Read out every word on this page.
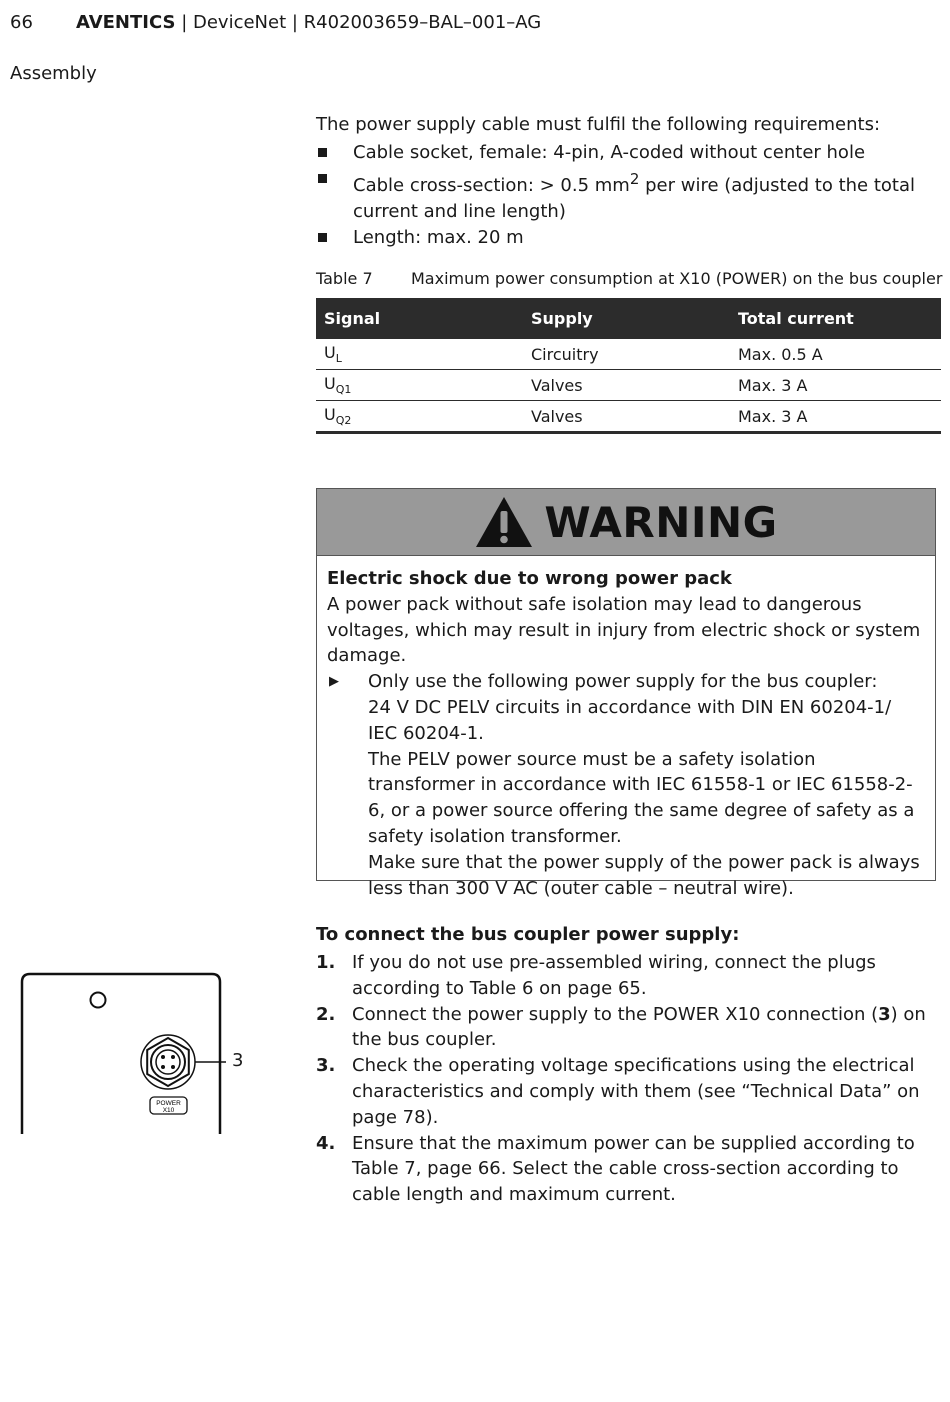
66 AVENTICS | DeviceNet | R402003659–BAL–001–AG
Assembly
The power supply cable must fulfil the following requirements:
Cable socket, female: 4-pin, A-coded without center hole
Cable cross-section: > 0.5 $mm^2$ per wire (adjusted to the total current and line length)
Length: max. 20 m
Table 7 Maximum power consumption at X10 (POWER) on the bus coupler
Signal	Supply	Total current
$U_L$	Circuitry	Max. 0.5 A
$U_{Q1}$	Valves	Max. 3 A
$U_{Q2}$	Valves	Max. 3 A
WARNING
Electric shock due to wrong power pack
A power pack without safe isolation may lead to dangerous voltages, which may result in injury from electric shock or system damage.
▶ Only use the following power supply for the bus coupler:
24 V DC PELV circuits in accordance with DIN EN 60204-1/
IEC 60204-1.
The PELV power source must be a safety isolation transformer in accordance with IEC 61558-1 or IEC 61558-2-6, or a power source offering the same degree of safety as a safety isolation transformer.
Make sure that the power supply of the power pack is always less than 300 V AC (outer cable – neutral wire).
To connect the bus coupler power supply:
1. If you do not use pre-assembled wiring, connect the plugs according to Table 6 on page 65.
2. Connect the power supply to the POWER X10 connection (3) on the bus coupler.
3. Check the operating voltage specifications using the electrical characteristics and comply with them (see “Technical Data” on page 78).
4. Ensure that the maximum power can be supplied according to Table 7, page 66. Select the cable cross-section according to cable length and maximum current.
POWER
X10
3
